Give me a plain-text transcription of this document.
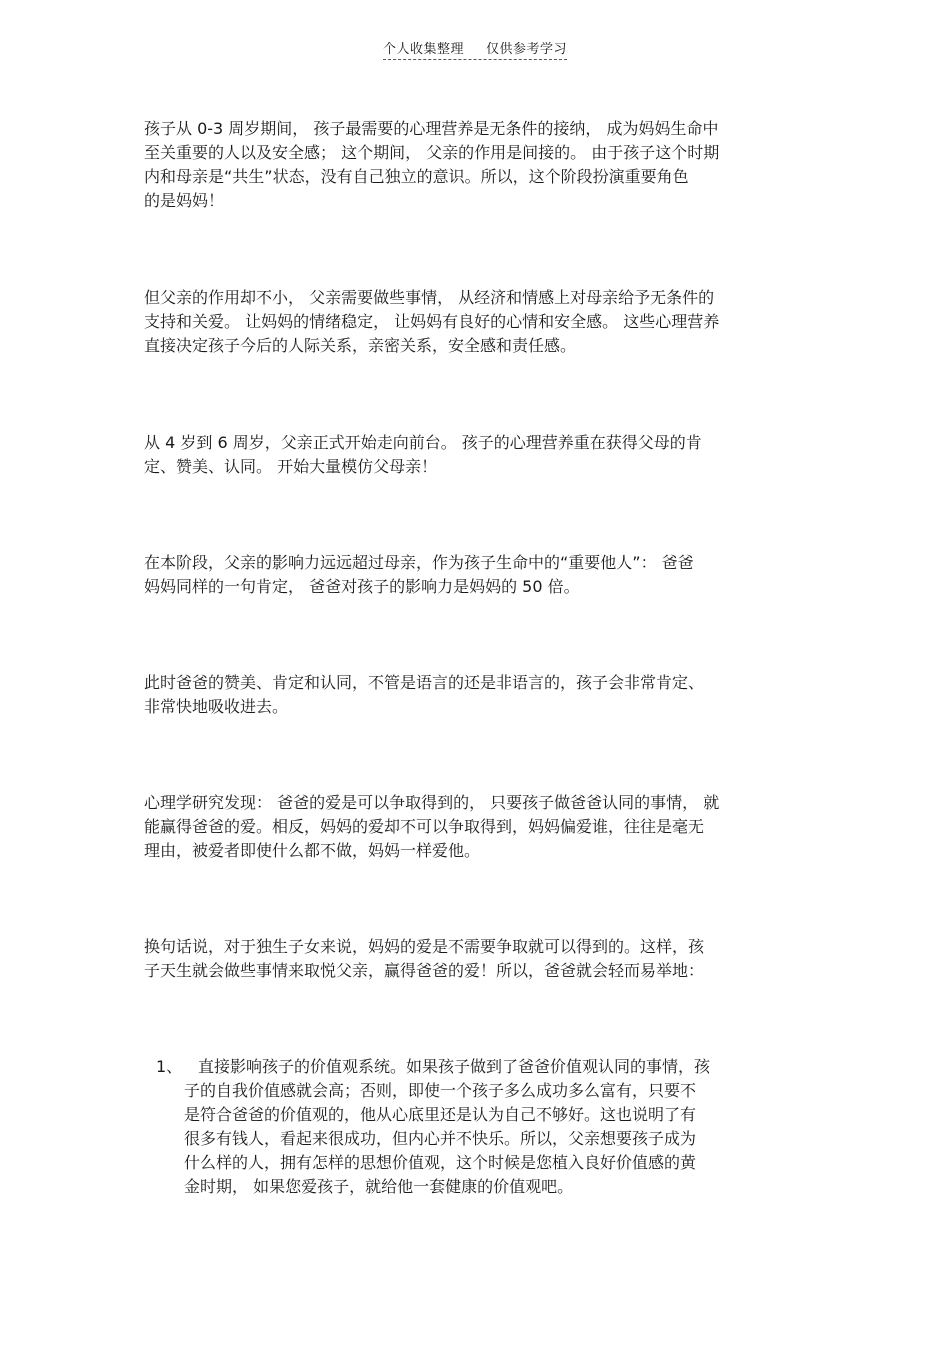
个人收集整理 仅供参考学习
孩子从 0-3 周岁期间， 孩子最需要的心理营养是无条件的接纳， 成为妈妈生命中
至关重要的人以及安全感； 这个期间， 父亲的作用是间接的。 由于孩子这个时期
内和母亲是“共生”状态，没有自己独立的意识。所以，这个阶段扮演重要角色
的是妈妈！
但父亲的作用却不小， 父亲需要做些事情， 从经济和情感上对母亲给予无条件的
支持和关爱。 让妈妈的情绪稳定， 让妈妈有良好的心情和安全感。 这些心理营养
直接决定孩子今后的人际关系，亲密关系，安全感和责任感。
从 4 岁到 6 周岁，父亲正式开始走向前台。 孩子的心理营养重在获得父母的肯
定、赞美、认同。 开始大量模仿父母亲！
在本阶段，父亲的影响力远远超过母亲，作为孩子生命中的“重要他人”： 爸爸
妈妈同样的一句肯定， 爸爸对孩子的影响力是妈妈的 50 倍。
此时爸爸的赞美、肯定和认同，不管是语言的还是非语言的，孩子会非常肯定、
非常快地吸收进去。
心理学研究发现： 爸爸的爱是可以争取得到的， 只要孩子做爸爸认同的事情， 就
能赢得爸爸的爱。相反，妈妈的爱却不可以争取得到，妈妈偏爱谁，往往是毫无
理由，被爱者即使什么都不做，妈妈一样爱他。
换句话说，对于独生子女来说，妈妈的爱是不需要争取就可以得到的。这样，孩
子天生就会做些事情来取悦父亲，赢得爸爸的爱！所以，爸爸就会轻而易举地：
1、 直接影响孩子的价值观系统。如果孩子做到了爸爸价值观认同的事情，孩
子的自我价值感就会高；否则，即使一个孩子多么成功多么富有，只要不
是符合爸爸的价值观的，他从心底里还是认为自己不够好。这也说明了有
很多有钱人，看起来很成功，但内心并不快乐。所以，父亲想要孩子成为
什么样的人，拥有怎样的思想价值观，这个时候是您植入良好价值感的黄
金时期， 如果您爱孩子，就给他一套健康的价值观吧。
